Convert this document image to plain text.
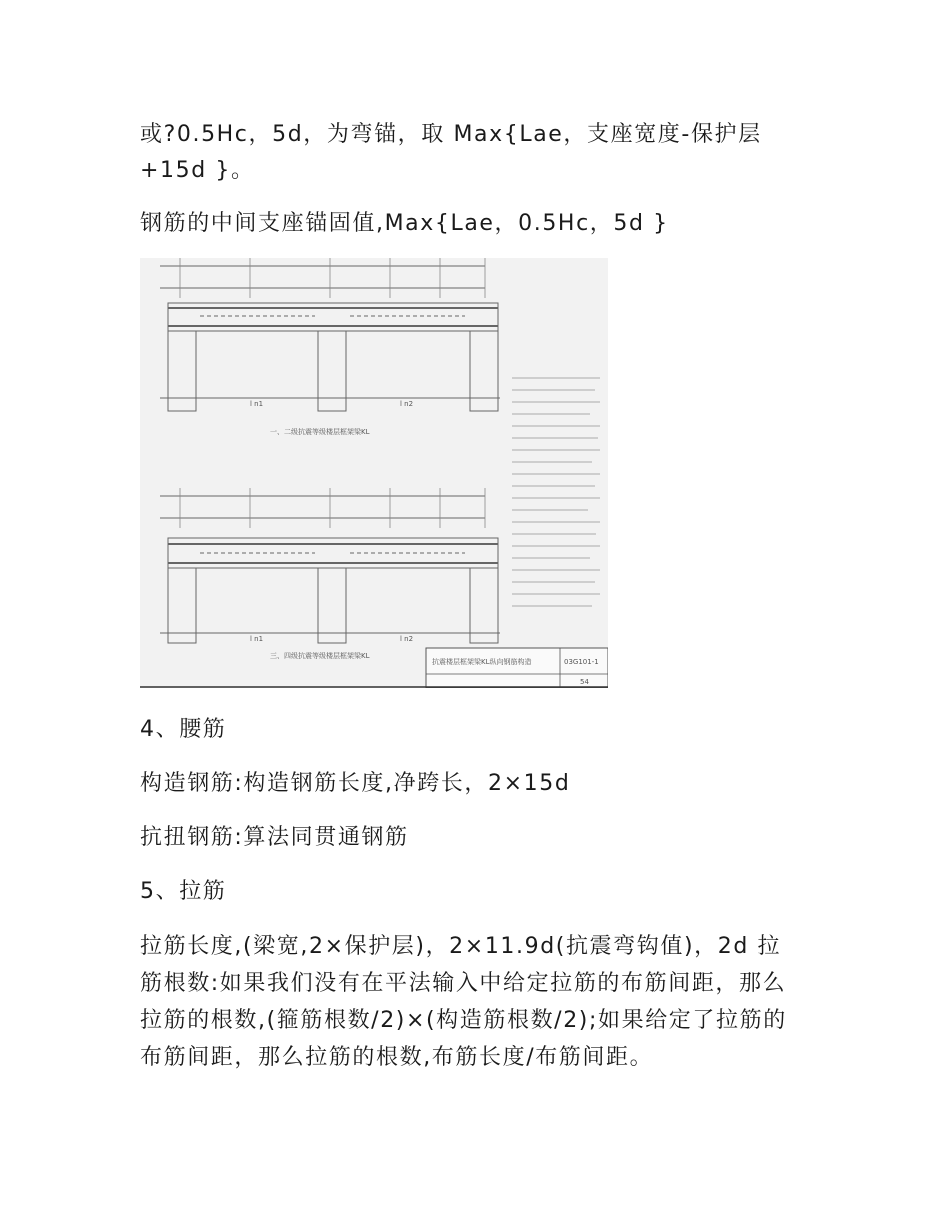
或?0.5Hc，5d，为弯锚，取 Max{Lae，支座宽度-保护层

+15d }。

钢筋的中间支座锚固值,Max{Lae，0.5Hc，5d }

l n1	l n2
l n1	l n2
一、二级抗震等级楼层框架梁KL
三、四级抗震等级楼层框架梁KL
抗震楼层框架梁KL纵向钢筋构造	03G101-1
54

4、腰筋

构造钢筋:构造钢筋长度,净跨长，2×15d

抗扭钢筋:算法同贯通钢筋

5、拉筋

拉筋长度,(梁宽,2×保护层)，2×11.9d(抗震弯钩值)，2d 拉

筋根数:如果我们没有在平法输入中给定拉筋的布筋间距，那么

拉筋的根数,(箍筋根数/2)×(构造筋根数/2);如果给定了拉筋的

布筋间距，那么拉筋的根数,布筋长度/布筋间距。
